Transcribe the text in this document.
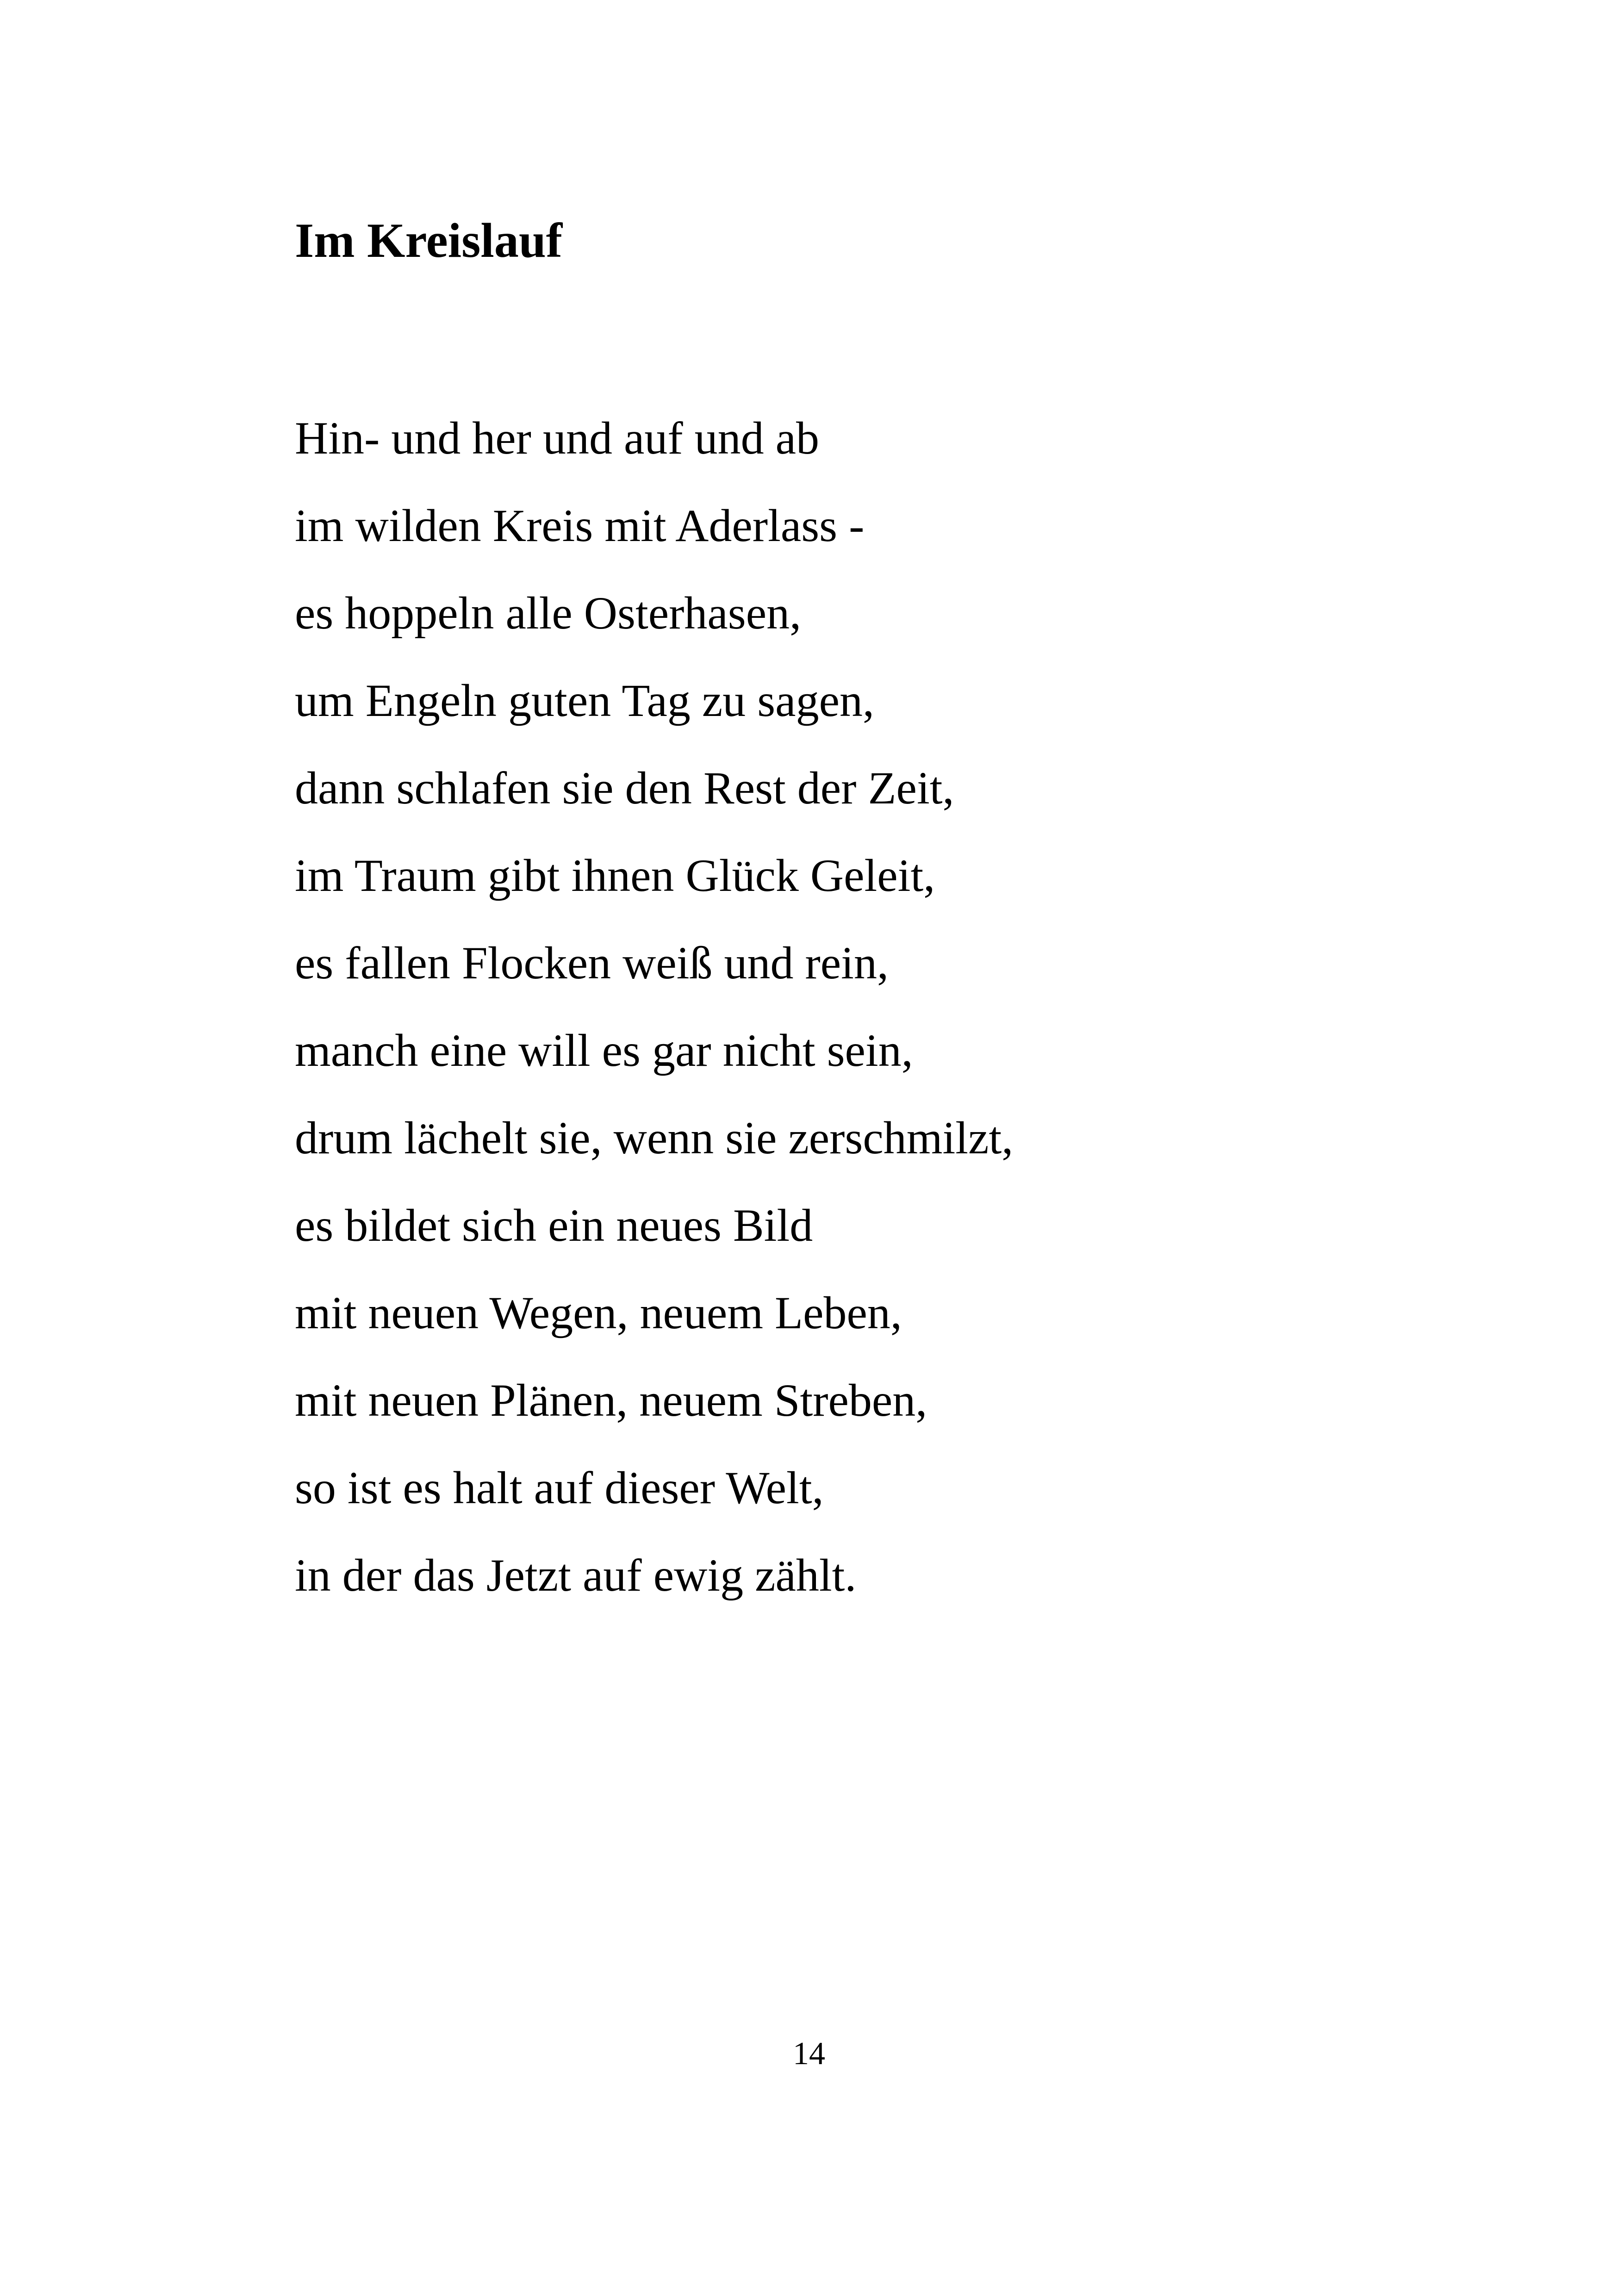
Im Kreislauf
Hin- und her und auf und ab
im wilden Kreis mit Aderlass -
es hoppeln alle Osterhasen,
um Engeln guten Tag zu sagen,
dann schlafen sie den Rest der Zeit,
im Traum gibt ihnen Glück Geleit,
es fallen Flocken weiß und rein,
manch eine will es gar nicht sein,
drum lächelt sie, wenn sie zerschmilzt,
es bildet sich ein neues Bild
mit neuen Wegen, neuem Leben,
mit neuen Plänen, neuem Streben,
so ist es halt auf dieser Welt,
in der das Jetzt auf ewig zählt.
14
